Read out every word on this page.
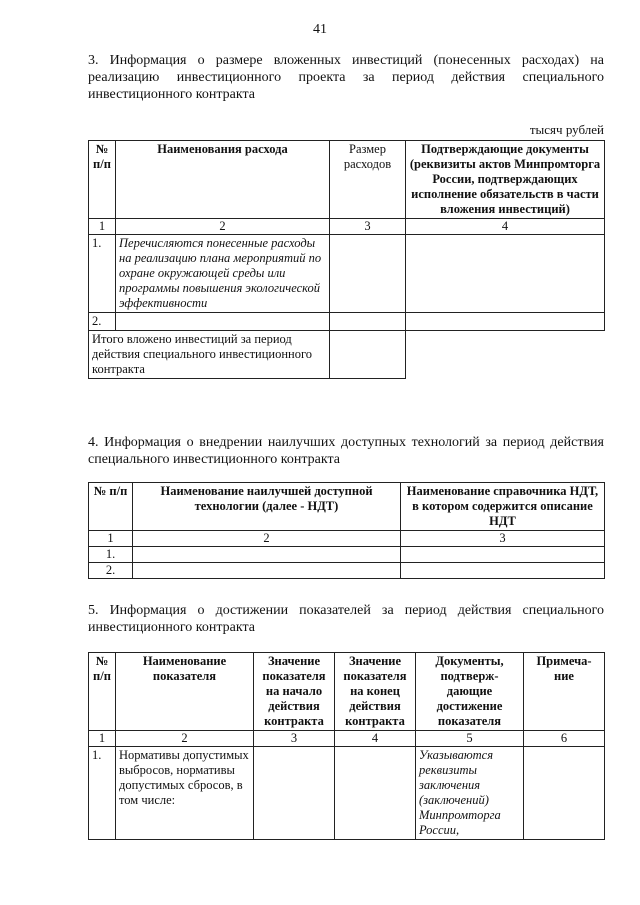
41
3. Информация о размере вложенных инвестиций (понесенных расходах) на реализацию инвестиционного проекта за период действия специального инвестиционного контракта
тысяч рублей
№ п/п	Наименования расхода	Размер расходов	Подтверждающие документы (реквизиты актов Минпромторга России, подтверждающих исполнение обязательств в части вложения инвестиций)
1	2	3	4
1.	Перечисляются понесенные расходы на реализацию плана мероприятий по охране окружающей среды или программы повышения экологической эффективности		
2.			
Итого вложено инвестиций за период действия специального инвестиционного контракта			
4. Информация о внедрении наилучших доступных технологий за период действия специального инвестиционного контракта
№ п/п	Наименование наилучшей доступной технологии (далее - НДТ)	Наименование справочника НДТ, в котором содержится описание НДТ
1	2	3
1.		
2.		
5. Информация о достижении показателей за период действия специального инвестиционного контракта
№ п/п	Наименование показателя	Значение показателя на начало действия контракта	Значение показателя на конец действия контракта	Документы, подтверж-дающие достижение показателя	Примеча-ние
1	2	3	4	5	6
1.	Нормативы допустимых выбросов, нормативы допустимых сбросов, в том числе:			Указываются реквизиты заключения (заключений) Минпромторга России,	
